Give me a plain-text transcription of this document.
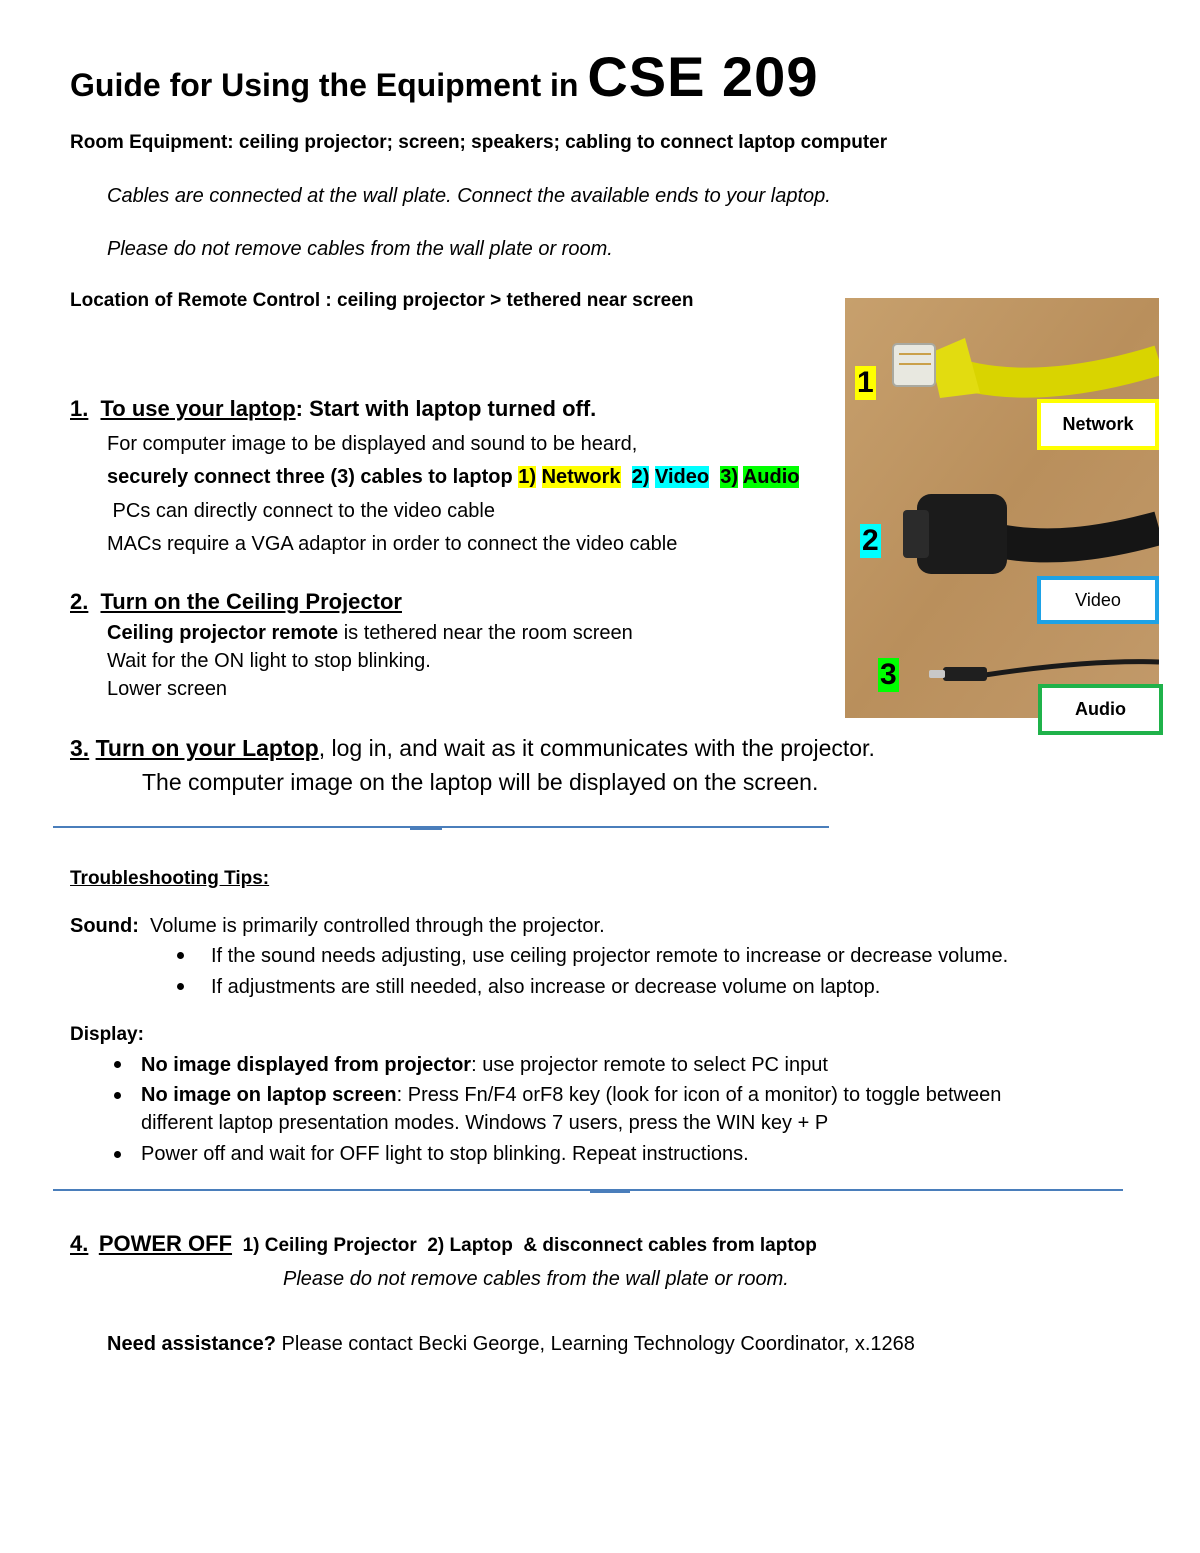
Guide for Using the Equipment in CSE 209
Room Equipment: ceiling projector; screen; speakers; cabling to connect laptop computer
Cables are connected at the wall plate. Connect the available ends to your laptop.
Please do not remove cables from the wall plate or room.
Location of Remote Control : ceiling projector > tethered near screen
1. To use your laptop: Start with laptop turned off.
For computer image to be displayed and sound to be heard,
securely connect three (3) cables to laptop 1) Network 2) Video 3) Audio
PCs can directly connect to the video cable
MACs require a VGA adaptor in order to connect the video cable
2. Turn on the Ceiling Projector
Ceiling projector remote is tethered near the room screen
Wait for the ON light to stop blinking.
Lower screen
3. Turn on your Laptop, log in, and wait as it communicates with the projector.
The computer image on the laptop will be displayed on the screen.
1
2
3
Network
Video
Audio
Troubleshooting Tips:
Sound:  Volume is primarily controlled through the projector.
If the sound needs adjusting, use ceiling projector remote to increase or decrease volume.
If adjustments are still needed, also increase or decrease volume on laptop.
Display:
No image displayed from projector: use projector remote to select PC input
No image on laptop screen: Press Fn/F4 orF8 key (look for icon of a monitor) to toggle between
different laptop presentation modes. Windows 7 users, press the WIN key + P
Power off and wait for OFF light to stop blinking. Repeat instructions.
4. POWER OFF  1) Ceiling Projector  2) Laptop  & disconnect cables from laptop
Please do not remove cables from the wall plate or room.
Need assistance? Please contact Becki George, Learning Technology Coordinator, x.1268
